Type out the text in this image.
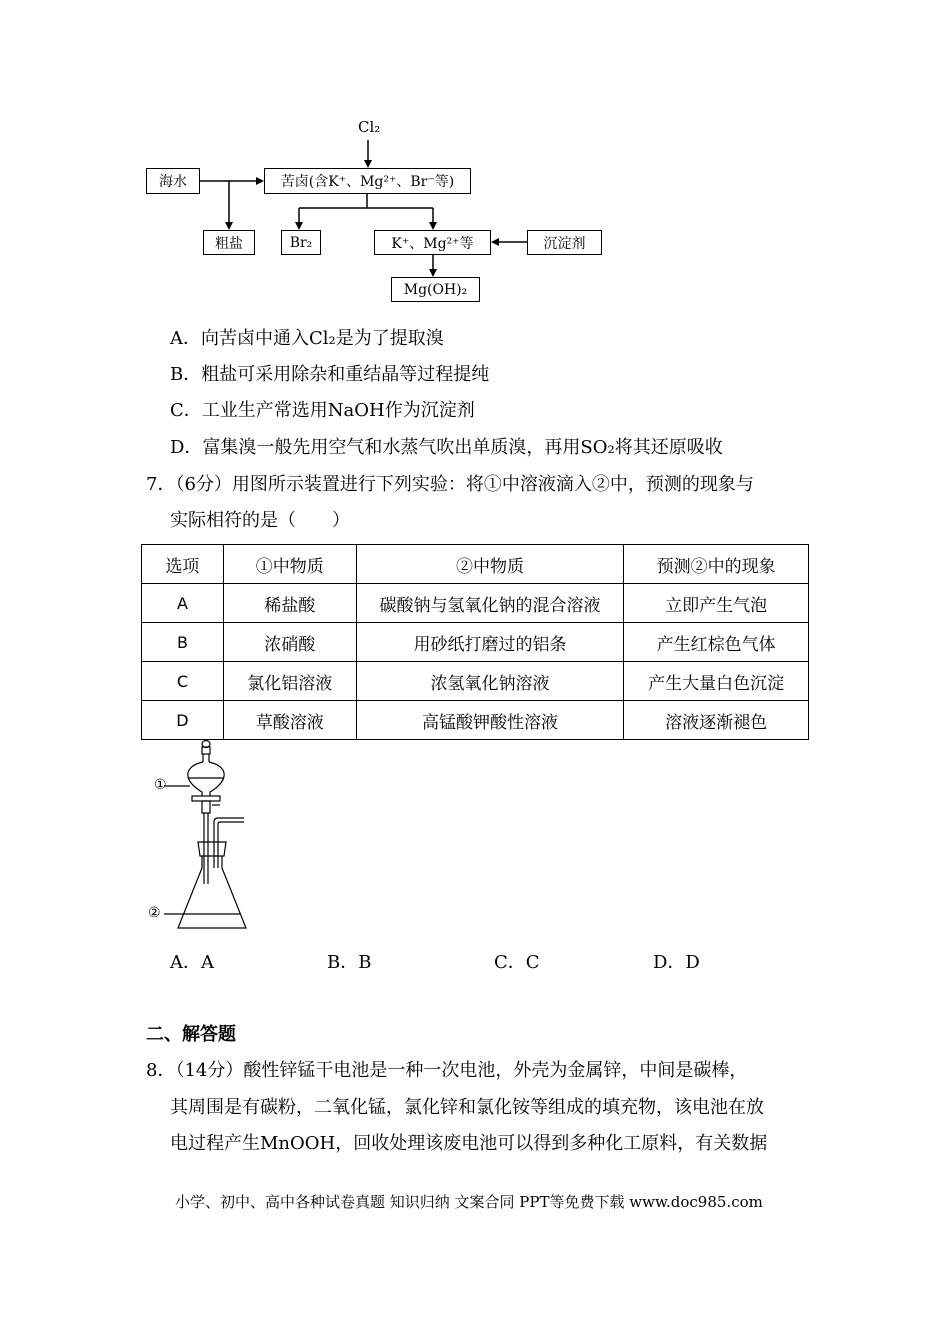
Cl₂
海水	苦卤(含K⁺、Mg²⁺、Br⁻等)
粗盐	Br₂	K⁺、Mg²⁺等	沉淀剂
Mg(OH)₂
A．向苦卤中通入Cl₂是为了提取溴
B．粗盐可采用除杂和重结晶等过程提纯
C．工业生产常选用NaOH作为沉淀剂
D．富集溴一般先用空气和水蒸气吹出单质溴，再用SO₂将其还原吸收
7．（6分）用图所示装置进行下列实验：将①中溶液滴入②中，预测的现象与
实际相符的是（　　）
选项	①中物质	②中物质	预测②中的现象
A	稀盐酸	碳酸钠与氢氧化钠的混合溶液	立即产生气泡
B	浓硝酸	用砂纸打磨过的铝条	产生红棕色气体
C	氯化铝溶液	浓氢氧化钠溶液	产生大量白色沉淀
D	草酸溶液	高锰酸钾酸性溶液	溶液逐渐褪色
①
②
A．A	B．B	C．C	D．D
二、解答题
8．（14分）酸性锌锰干电池是一种一次电池，外壳为金属锌，中间是碳棒，
其周围是有碳粉，二氧化锰，氯化锌和氯化铵等组成的填充物，该电池在放
电过程产生MnOOH，回收处理该废电池可以得到多种化工原料，有关数据
小学、初中、高中各种试卷真题 知识归纳 文案合同 PPT等免费下载 www.doc985.com
